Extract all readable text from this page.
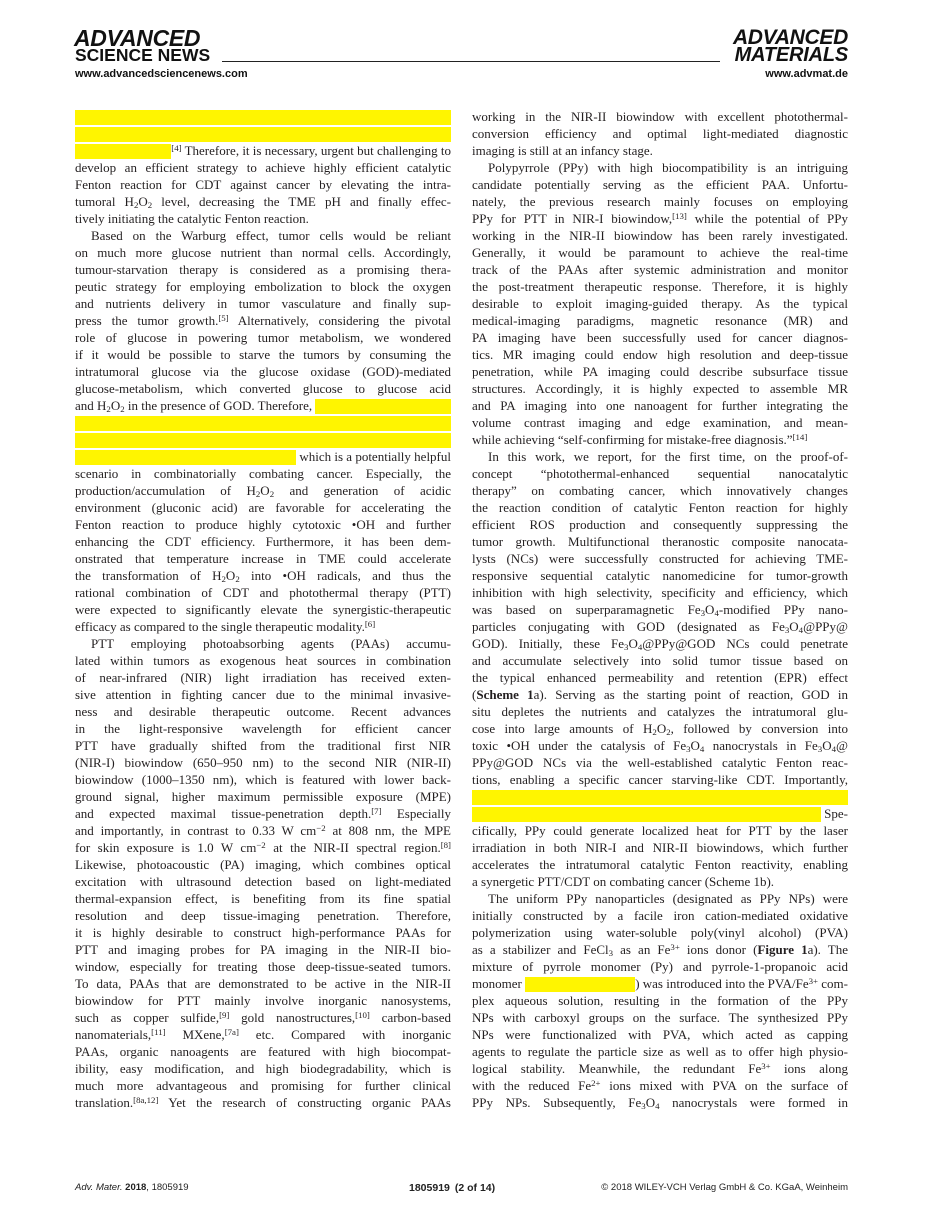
ADVANCED
SCIENCE NEWS
ADVANCED
MATERIALS
www.advancedsciencenews.com	www.advmat.de
[4] Therefore, it is necessary, urgent but challenging to
develop an efficient strategy to achieve highly efficient catalytic
Fenton reaction for CDT against cancer by elevating the intra-
tumoral $H_2O_2$ level, decreasing the TME pH and finally effec-
tively initiating the catalytic Fenton reaction.
Based on the Warburg effect, tumor cells would be reliant
on much more glucose nutrient than normal cells. Accordingly,
tumour-starvation therapy is considered as a promising thera-
peutic strategy for employing embolization to block the oxygen
and nutrients delivery in tumor vasculature and finally sup-
press the tumor growth.[5] Alternatively, considering the pivotal
role of glucose in powering tumor metabolism, we wondered
if it would be possible to starve the tumors by consuming the
intratumoral glucose via the glucose oxidase (GOD)-mediated
glucose-metabolism, which converted glucose to glucose acid
and $H_2O_2$ in the presence of GOD. Therefore,
which is a potentially helpful
scenario in combinatorially combating cancer. Especially, the
production/accumulation of $H_2O_2$ and generation of acidic
environment (gluconic acid) are favorable for accelerating the
Fenton reaction to produce highly cytotoxic •OH and further
enhancing the CDT efficiency. Furthermore, it has been dem-
onstrated that temperature increase in TME could accelerate
the transformation of $H_2O_2$ into •OH radicals, and thus the
rational combination of CDT and photothermal therapy (PTT)
were expected to significantly elevate the synergistic-therapeutic
efficacy as compared to the single therapeutic modality.[6]
PTT employing photoabsorbing agents (PAAs) accumu-
lated within tumors as exogenous heat sources in combination
of near-infrared (NIR) light irradiation has received exten-
sive attention in fighting cancer due to the minimal invasive-
ness and desirable therapeutic outcome. Recent advances
in the light-responsive wavelength for efficient cancer
PTT have gradually shifted from the traditional first NIR
(NIR-I) biowindow (650–950 nm) to the second NIR (NIR-II)
biowindow (1000–1350 nm), which is featured with lower back-
ground signal, higher maximum permissible exposure (MPE)
and expected maximal tissue-penetration depth.[7] Especially
and importantly, in contrast to 0.33 W $cm^{-2}$ at 808 nm, the MPE
for skin exposure is 1.0 W $cm^{-2}$ at the NIR-II spectral region.[8]
Likewise, photoacoustic (PA) imaging, which combines optical
excitation with ultrasound detection based on light-mediated
thermal-expansion effect, is benefiting from its fine spatial
resolution and deep tissue-imaging penetration. Therefore,
it is highly desirable to construct high-performance PAAs for
PTT and imaging probes for PA imaging in the NIR-II bio-
window, especially for treating those deep-tissue-seated tumors.
To data, PAAs that are demonstrated to be active in the NIR-II
biowindow for PTT mainly involve inorganic nanosystems,
such as copper sulfide,[9] gold nanostructures,[10] carbon-based
nanomaterials,[11] MXene,[7a] etc. Compared with inorganic
PAAs, organic nanoagents are featured with high biocompat-
ibility, easy modification, and high biodegradability, which is
much more advantageous and promising for further clinical
translation.[8a,12] Yet the research of constructing organic PAAs
working in the NIR-II biowindow with excellent photothermal-
conversion efficiency and optimal light-mediated diagnostic
imaging is still at an infancy stage.
Polypyrrole (PPy) with high biocompatibility is an intriguing
candidate potentially serving as the efficient PAA. Unfortu-
nately, the previous research mainly focuses on employing
PPy for PTT in NIR-I biowindow,[13] while the potential of PPy
working in the NIR-II biowindow has been rarely investigated.
Generally, it would be paramount to achieve the real-time
track of the PAAs after systemic administration and monitor
the post-treatment therapeutic response. Therefore, it is highly
desirable to exploit imaging-guided therapy. As the typical
medical-imaging paradigms, magnetic resonance (MR) and
PA imaging have been successfully used for cancer diagnos-
tics. MR imaging could endow high resolution and deep-tissue
penetration, while PA imaging could describe subsurface tissue
structures. Accordingly, it is highly expected to assemble MR
and PA imaging into one nanoagent for further integrating the
volume contrast imaging and edge examination, and mean-
while achieving “self-confirming for mistake-free diagnosis.”[14]
In this work, we report, for the first time, on the proof-of-
concept “photothermal-enhanced sequential nanocatalytic
therapy” on combating cancer, which innovatively changes
the reaction condition of catalytic Fenton reaction for highly
efficient ROS production and consequently suppressing the
tumor growth. Multifunctional theranostic composite nanocata-
lysts (NCs) were successfully constructed for achieving TME-
responsive sequential catalytic nanomedicine for tumor-growth
inhibition with high selectivity, specificity and efficiency, which
was based on superparamagnetic $Fe_3O_4$-modified PPy nano-
particles conjugating with GOD (designated as $Fe_3O_4@PPy@$
GOD). Initially, these $Fe_3O_4@PPy@GOD$ NCs could penetrate
and accumulate selectively into solid tumor tissue based on
the typical enhanced permeability and retention (EPR) effect
(Scheme 1a). Serving as the starting point of reaction, GOD in
situ depletes the nutrients and catalyzes the intratumoral glu-
cose into large amounts of $H_2O_2$, followed by conversion into
toxic •OH under the catalysis of $Fe_3O_4$ nanocrystals in $Fe_3O_4@$
PPy@GOD NCs via the well-established catalytic Fenton reac-
tions, enabling a specific cancer starving-like CDT. Importantly,
Spe-
cifically, PPy could generate localized heat for PTT by the laser
irradiation in both NIR-I and NIR-II biowindows, which further
accelerates the intratumoral catalytic Fenton reactivity, enabling
a synergetic PTT/CDT on combating cancer (Scheme 1b).
The uniform PPy nanoparticles (designated as PPy NPs) were
initially constructed by a facile iron cation-mediated oxidative
polymerization using water-soluble poly(vinyl alcohol) (PVA)
as a stabilizer and FeCl$_3$ as an $Fe^{3+}$ ions donor (Figure 1a). The
mixture of pyrrole monomer (Py) and pyrrole-1-propanoic acid
monomer	) was introduced into the PVA/$Fe^{3+}$ com-
plex aqueous solution, resulting in the formation of the PPy
NPs with carboxyl groups on the surface. The synthesized PPy
NPs were functionalized with PVA, which acted as capping
agents to regulate the particle size as well as to offer high physio-
logical stability. Meanwhile, the redundant $Fe^{3+}$ ions along
with the reduced $Fe^{2+}$ ions mixed with PVA on the surface of
PPy NPs. Subsequently, $Fe_3O_4$ nanocrystals were formed in
Adv. Mater. 2018, 1805919	1805919 (2 of 14)	© 2018 WILEY-VCH Verlag GmbH & Co. KGaA, Weinheim
